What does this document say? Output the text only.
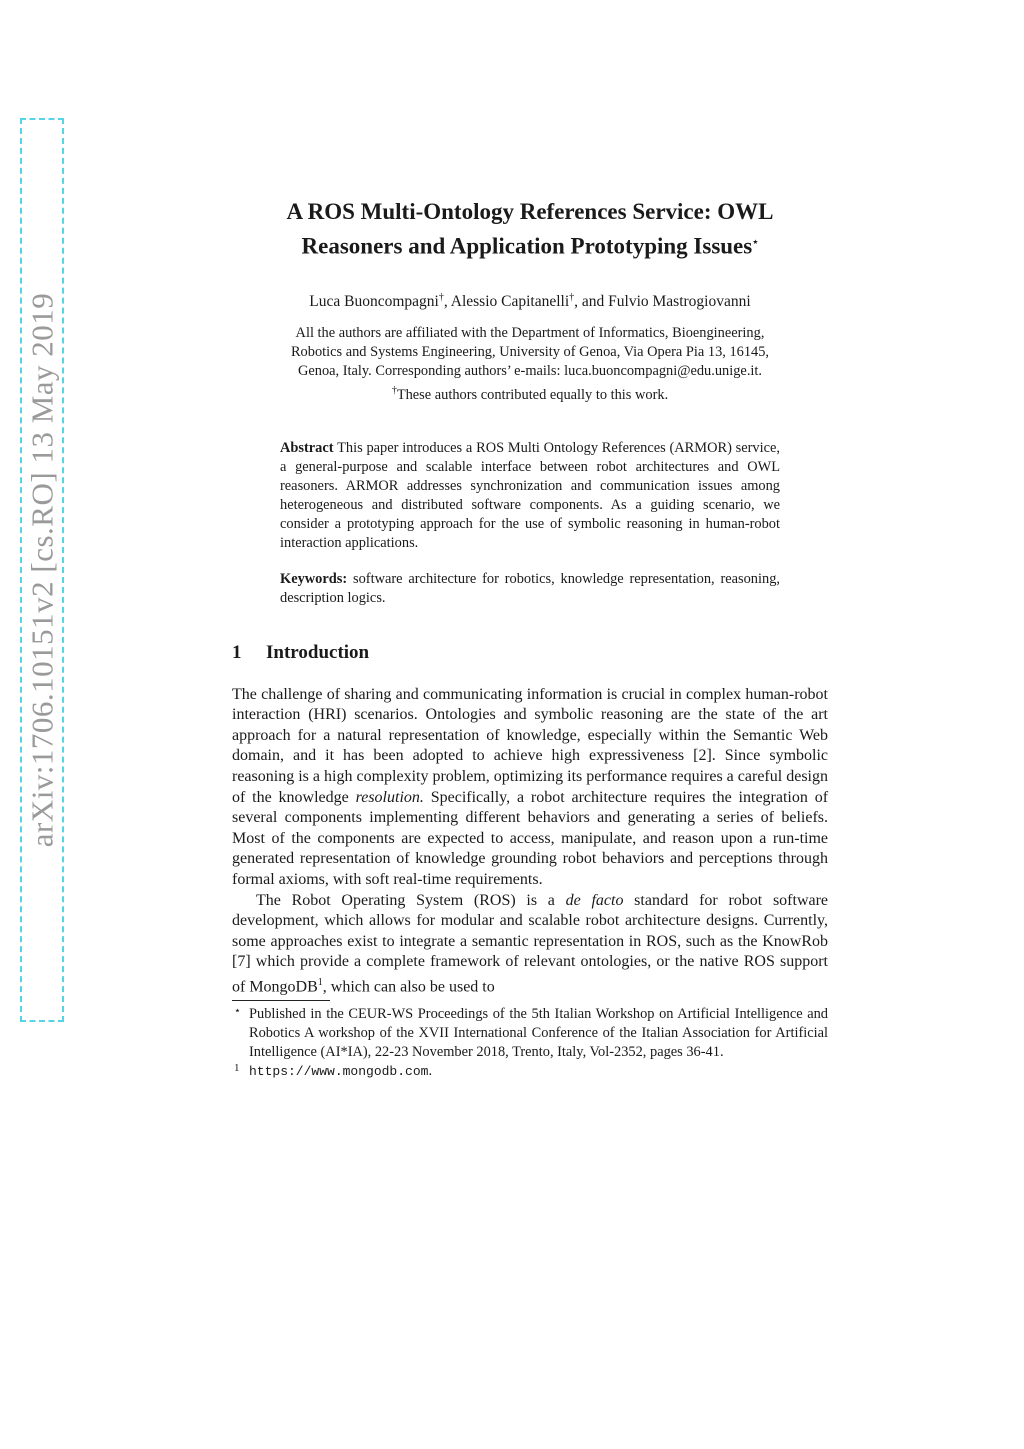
arXiv:1706.10151v2 [cs.RO] 13 May 2019
A ROS Multi-Ontology References Service: OWL
Reasoners and Application Prototyping Issues⋆
Luca Buoncompagni†, Alessio Capitanelli†, and Fulvio Mastrogiovanni
All the authors are affiliated with the Department of Informatics, Bioengineering,
Robotics and Systems Engineering, University of Genoa, Via Opera Pia 13, 16145,
Genoa, Italy. Corresponding authors’ e-mails: luca.buoncompagni@edu.unige.it.
†These authors contributed equally to this work.
Abstract This paper introduces a ROS Multi Ontology References (ARMOR) service, a general-purpose and scalable interface between robot architectures and OWL reasoners. ARMOR addresses synchronization and communication issues among heterogeneous and distributed software components. As a guiding scenario, we consider a prototyping approach for the use of symbolic reasoning in human-robot interaction applications.
Keywords: software architecture for robotics, knowledge representation, reasoning, description logics.
1 Introduction

The challenge of sharing and communicating information is crucial in complex human-robot interaction (HRI) scenarios. Ontologies and symbolic reasoning are the state of the art approach for a natural representation of knowledge, especially within the Semantic Web domain, and it has been adopted to achieve high expressiveness [2]. Since symbolic reasoning is a high complexity problem, optimizing its performance requires a careful design of the knowledge resolution. Specifically, a robot architecture requires the integration of several components implementing different behaviors and generating a series of beliefs. Most of the components are expected to access, manipulate, and reason upon a run-time generated representation of knowledge grounding robot behaviors and perceptions through formal axioms, with soft real-time requirements.

The Robot Operating System (ROS) is a de facto standard for robot software development, which allows for modular and scalable robot architecture designs. Currently, some approaches exist to integrate a semantic representation in ROS, such as the KnowRob [7] which provide a complete framework of relevant ontologies, or the native ROS support of MongoDB$^1$, which can also be used to

⋆ Published in the CEUR-WS Proceedings of the 5th Italian Workshop on Artificial Intelligence and Robotics A workshop of the XVII International Conference of the Italian Association for Artificial Intelligence (AI*IA), 22-23 November 2018, Trento, Italy, Vol-2352, pages 36-41.
1 https://www.mongodb.com.
